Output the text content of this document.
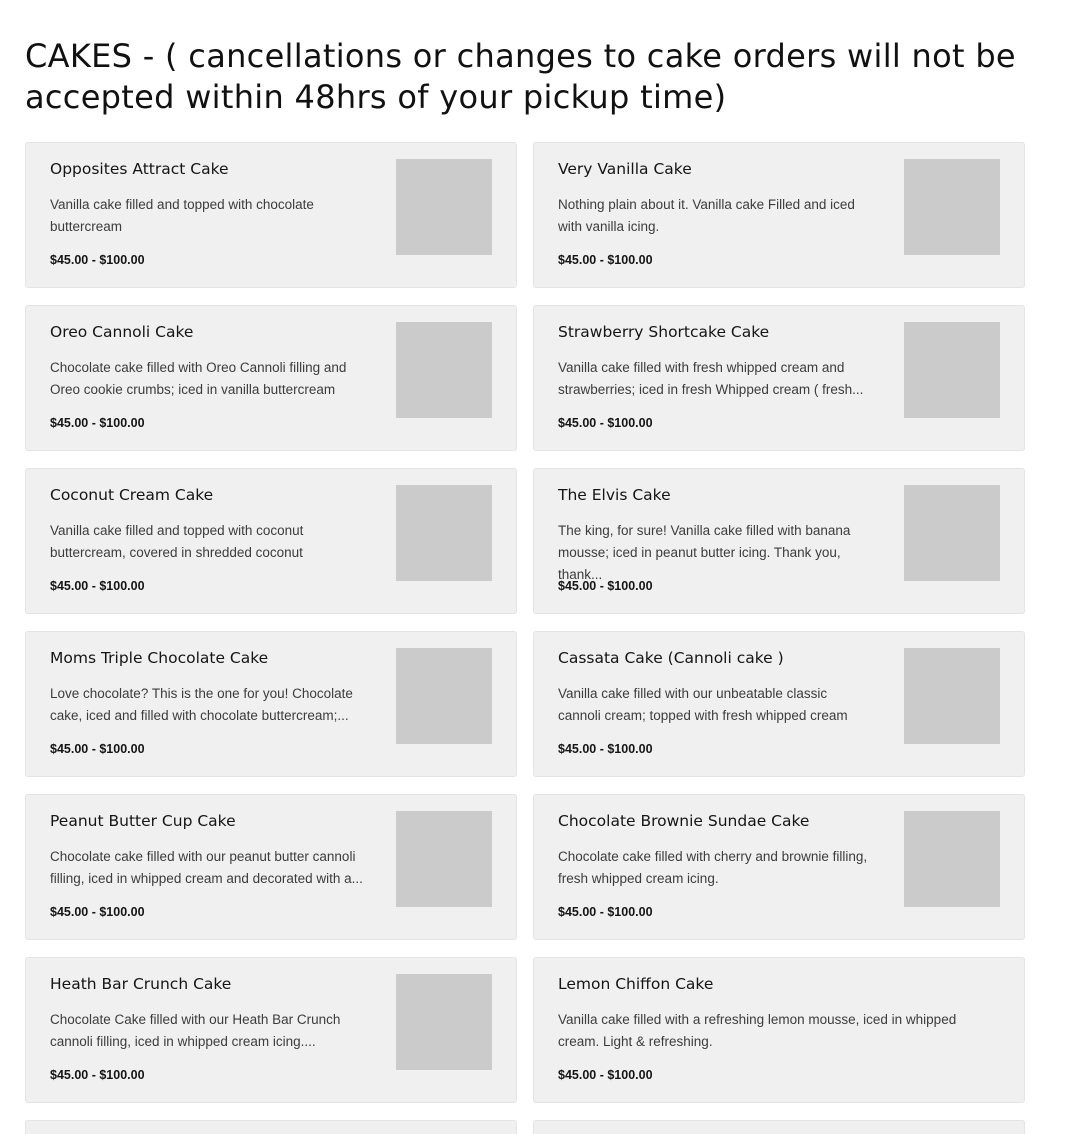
CAKES - ( cancellations or changes to cake orders will not be accepted within 48hrs of your pickup time)
Opposites Attract Cake
Vanilla cake filled and topped with chocolate buttercream
$45.00 - $100.00
Very Vanilla Cake
Nothing plain about it. Vanilla cake Filled and iced with vanilla icing.
$45.00 - $100.00
Oreo Cannoli Cake
Chocolate cake filled with Oreo Cannoli filling and Oreo cookie crumbs; iced in vanilla buttercream
$45.00 - $100.00
Strawberry Shortcake Cake
Vanilla cake filled with fresh whipped cream and strawberries; iced in fresh Whipped cream ( fresh...
$45.00 - $100.00
Coconut Cream Cake
Vanilla cake filled and topped with coconut buttercream, covered in shredded coconut
$45.00 - $100.00
The Elvis Cake
The king, for sure! Vanilla cake filled with banana mousse; iced in peanut butter icing. Thank you, thank...
$45.00 - $100.00
Moms Triple Chocolate Cake
Love chocolate? This is the one for you! Chocolate cake, iced and filled with chocolate buttercream;...
$45.00 - $100.00
Cassata Cake (Cannoli cake )
Vanilla cake filled with our unbeatable classic cannoli cream; topped with fresh whipped cream
$45.00 - $100.00
Peanut Butter Cup Cake
Chocolate cake filled with our peanut butter cannoli filling, iced in whipped cream and decorated with a...
$45.00 - $100.00
Chocolate Brownie Sundae Cake
Chocolate cake filled with cherry and brownie filling, fresh whipped cream icing.
$45.00 - $100.00
Heath Bar Crunch Cake
Chocolate Cake filled with our Heath Bar Crunch cannoli filling, iced in whipped cream icing....
$45.00 - $100.00
Lemon Chiffon Cake
Vanilla cake filled with a refreshing lemon mousse, iced in whipped cream. Light & refreshing.
$45.00 - $100.00
